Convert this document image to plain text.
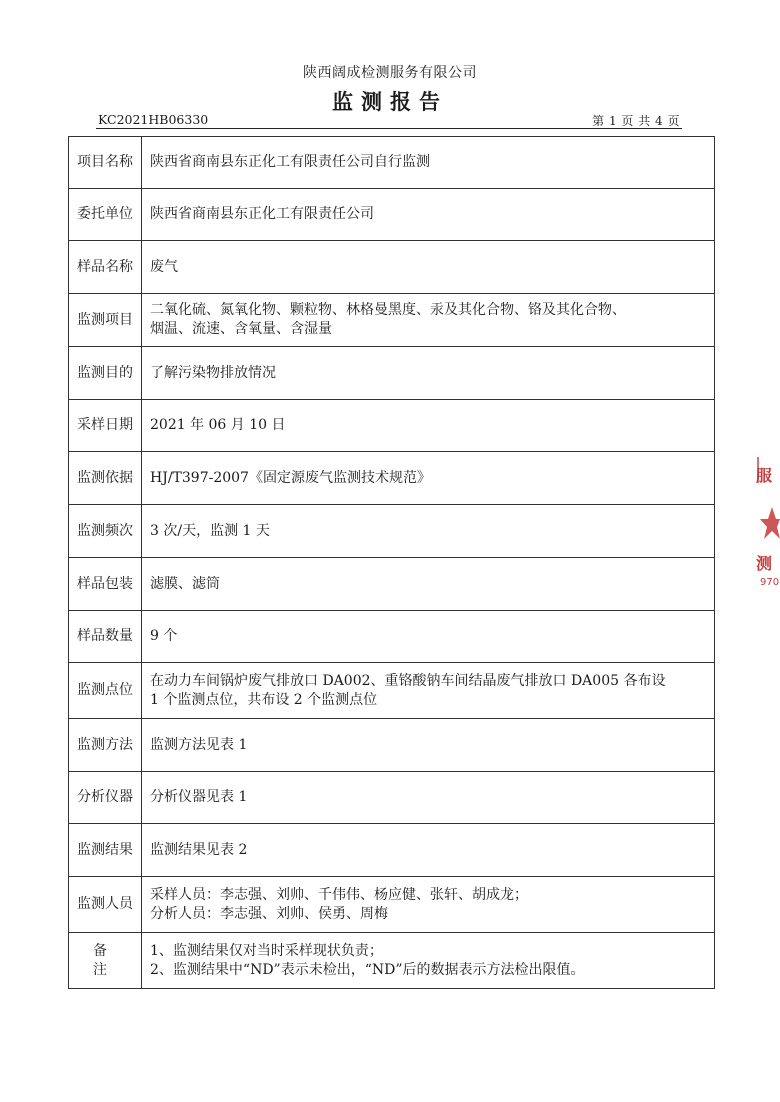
陕西阔成检测服务有限公司
监测报告
KC2021HB06330	第 1 页 共 4 页
项目名称	陕西省商南县东正化工有限责任公司自行监测

委托单位	陕西省商南县东正化工有限责任公司

样品名称	废气

监测项目	二氧化硫、氮氧化物、颗粒物、林格曼黑度、汞及其化合物、铬及其化合物、
烟温、流速、含氧量、含湿量

监测目的	了解污染物排放情况

采样日期	2021 年 06 月 10 日

监测依据	HJ/T397-2007《固定源废气监测技术规范》

监测频次	3 次/天，监测 1 天

样品包装	滤膜、滤筒

样品数量	9 个

监测点位	在动力车间锅炉废气排放口 DA002、重铬酸钠车间结晶废气排放口 DA005 各布设
1 个监测点位，共布设 2 个监测点位

监测方法	监测方法见表 1

分析仪器	分析仪器见表 1

监测结果	监测结果见表 2

监测人员	采样人员：李志强、刘帅、千伟伟、杨应健、张轩、胡成龙；
分析人员：李志强、刘帅、侯勇、周梅

备注	1、监测结果仅对当时采样现状负责；
2、监测结果中“ND”表示未检出，“ND”后的数据表示方法检出限值。
服
测
970
